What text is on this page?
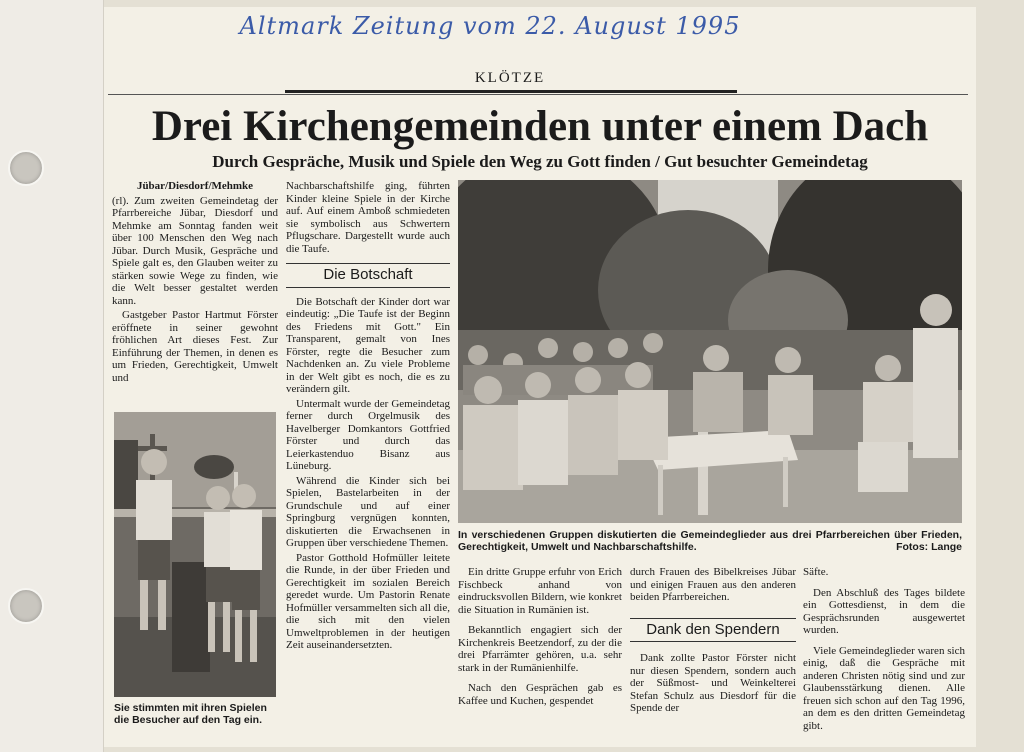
Altmark Zeitung vom 22. August 1995
KLÖTZE
Drei Kirchengemeinden unter einem Dach
Durch Gespräche, Musik und Spiele den Weg zu Gott finden / Gut besuchter Gemeindetag

Jübar/Diesdorf/Mehmke

(rl). Zum zweiten Gemeindetag der Pfarrbereiche Jübar, Diesdorf und Mehmke am Sonntag fanden weit über 100 Menschen den Weg nach Jübar. Durch Musik, Gespräche und Spiele galt es, den Glauben weiter zu stärken sowie Wege zu finden, wie die Welt besser gestaltet werden kann.

Gastgeber Pastor Hartmut Förster eröffnete in seiner gewohnt fröhlichen Art dieses Fest. Zur Einführung der Themen, in denen es um Frieden, Gerechtigkeit, Umwelt und

Sie stimmten mit ihren Spielen die Besucher auf den Tag ein.

Nachbarschaftshilfe ging, führten Kinder kleine Spiele in der Kirche auf. Auf einem Amboß schmiedeten sie symbolisch aus Schwertern Pflugschare. Dargestellt wurde auch die Taufe.

Die Botschaft

Die Botschaft der Kinder dort war eindeutig: „Die Taufe ist der Beginn des Friedens mit Gott." Ein Transparent, gemalt von Ines Förster, regte die Besucher zum Nachdenken an. Zu viele Probleme in der Welt gibt es noch, die es zu verändern gilt.

Untermalt wurde der Gemeindetag ferner durch Orgelmusik des Havelberger Domkantors Gottfried Förster und durch das Leierkastenduo Bisanz aus Lüneburg.

Während die Kinder sich bei Spielen, Bastelarbeiten in der Grundschule und auf einer Springburg vergnügen konnten, diskutierten die Erwachsenen in Gruppen über verschiedene Themen.

Pastor Gotthold Hofmüller leitete die Runde, in der über Frieden und Gerechtigkeit im sozialen Bereich geredet wurde. Um Pastorin Renate Hofmüller versammelten sich all die, die sich mit den vielen Umweltproblemen in der heutigen Zeit auseinandersetzten.

In verschiedenen Gruppen diskutierten die Gemeindeglieder aus drei Pfarrbereichen über Frieden, Gerechtigkeit, Umwelt und Nachbarschaftshilfe.	Fotos: Lange

Ein dritte Gruppe erfuhr von Erich Fischbeck anhand von eindrucksvollen Bildern, wie konkret die Situation in Rumänien ist.

Bekanntlich engagiert sich der Kirchenkreis Beetzendorf, zu der die drei Pfarrämter gehören, u.a. sehr stark in der Rumänienhilfe.

Nach den Gesprächen gab es Kaffee und Kuchen, gespendet

durch Frauen des Bibelkreises Jübar und einigen Frauen aus den anderen beiden Pfarrbereichen.

Dank den Spendern

Dank zollte Pastor Förster nicht nur diesen Spendern, sondern auch der Süßmost- und Weinkelterei Stefan Schulz aus Diesdorf für die Spende der

Säfte.

Den Abschluß des Tages bildete ein Gottesdienst, in dem die Gesprächsrunden ausgewertet wurden.

Viele Gemeindeglieder waren sich einig, daß die Gespräche mit anderen Christen nötig sind und zur Glaubensstärkung dienen. Alle freuen sich schon auf den Tag 1996, an dem es den dritten Gemeindetag gibt.
